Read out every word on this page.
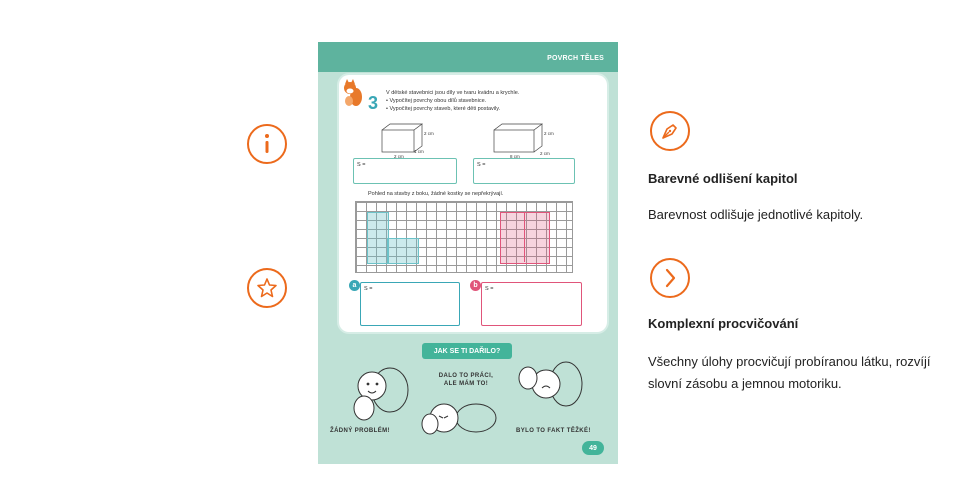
Barevné odlišení kapitol
Barevnost odlišuje jednotlivé kapitoly.
Komplexní procvičování
Všechny úlohy procvičují probíranou látku, rozvíjí slovní zásobu a jemnou motoriku.
POVRCH TĚLES
3 V dětské stavebnici jsou díly ve tvaru kvádru a krychle.
• Vypočítej povrchy obou dílů stavebnice.
• Vypočítej povrchy staveb, které děti postavily.
2 cm
2 cm
1 cm
2 cm
8 cm
2 cm
S =	S =
Pohled na stavby z boku, žádné kostky se nepřekrývají.
a	S =	b	S =
JAK SE TI DAŘILO?
ŽÁDNÝ PROBLÉM!
DALO TO PRÁCI, ALE MÁM TO!
BYLO TO FAKT TĚŽKÉ!
49
